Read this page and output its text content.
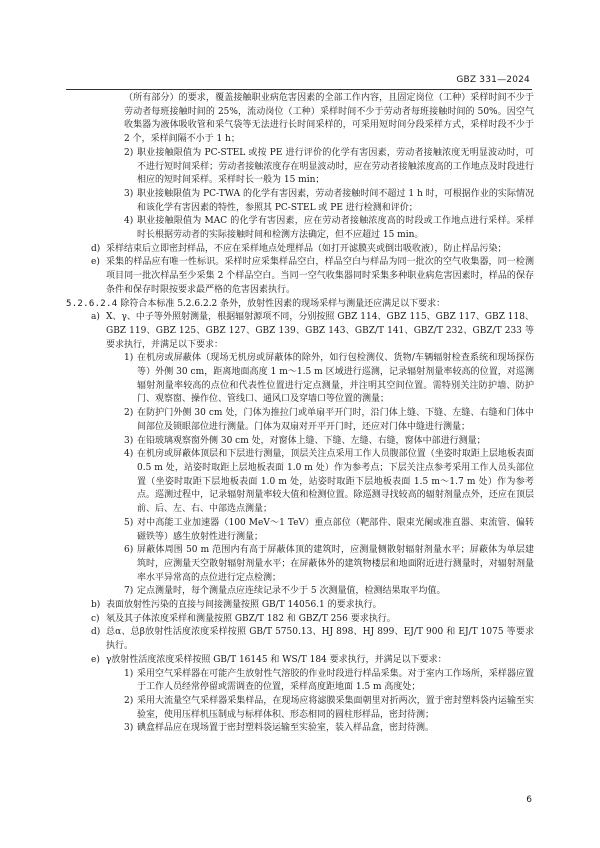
GBZ 331—2024

（所有部分）的要求，覆盖接触职业病危害因素的全部工作内容，且固定岗位（工种）采样时间不少于劳动者每班接触时间的 25%，流动岗位（工种）采样时间不少于劳动者每班接触时间的 50%。因空气收集器为液体吸收管和采气袋等无法进行长时间采样的，可采用短时间分段采样方式，采样时段不少于 2 个，采样间隔不小于 1 h；

2) 职业接触限值为 PC-STEL 或按 PE 进行评价的化学有害因素，劳动者接触浓度无明显波动时，可不进行短时间采样；劳动者接触浓度存在明显波动时，应在劳动者接触浓度高的工作地点及时段进行相应的短时间采样。采样时长一般为 15 min；
3) 职业接触限值为 PC-TWA 的化学有害因素，劳动者接触时间不超过 1 h 时，可根据作业的实际情况和该化学有害因素的特性，参照其 PC-STEL 或 PE 进行检测和评价；
4) 职业接触限值为 MAC 的化学有害因素，应在劳动者接触浓度高的时段或工作地点进行采样。采样时长根据劳动者的实际接触时间和检测方法确定，但不应超过 15 min。
d) 采样结束后立即密封样品，不应在采样地点处理样品（如打开滤膜夹或倒出吸收液），防止样品污染；
e) 采集的样品应有唯一性标识。采样时应采集样品空白，样品空白与样品为同一批次的空气收集器，同一检测项目同一批次样品至少采集 2 个样品空白。当同一空气收集器同时采集多种职业病危害因素时，样品的保存条件和保存时限按要求最严格的危害因素执行。
5.2.6.2.4 除符合本标准 5.2.6.2.2 条外，放射性因素的现场采样与测量还应满足以下要求：
a) X、γ、中子等外照射测量，根据辐射源项不同，分别按照 GBZ 114、GBZ 115、GBZ 117、GBZ 118、GBZ 119、GBZ 125、GBZ 127、GBZ 139、GBZ 143、GBZ/T 141、GBZ/T 232、GBZ/T 233 等要求执行，并满足以下要求：
1) 在机房或屏蔽体（现场无机房或屏蔽体的除外，如行包检测仪、货物/车辆辐射检查系统和现场探伤等）外侧 30 cm，距离地面高度 1 m～1.5 m 区域进行巡测，记录辐射剂量率较高的位置，对巡测辐射剂量率较高的点位和代表性位置进行定点测量，并注明其空间位置。需特别关注防护墙、防护门、观察窗、操作位、管线口、通风口及穿墙口等位置的测量；
2) 在防护门外侧 30 cm 处，门体为推拉门或单扇平开门时，沿门体上缝、下缝、左缝、右缝和门体中间部位及锁眼部位进行测量。门体为双扇对开平开门时，还应对门体中缝进行测量；
3) 在铅玻璃观察窗外侧 30 cm 处，对窗体上缝、下缝、左缝、右缝，窗体中部进行测量；
4) 在机房或屏蔽体顶层和下层进行测量，顶层关注点采用工作人员腹部位置（坐姿时取距上层地板表面 0.5 m 处，站姿时取距上层地板表面 1.0 m 处）作为参考点；下层关注点参考采用工作人员头部位置（坐姿时取距下层地板表面 1.0 m 处，站姿时取距下层地板表面 1.5 m～1.7 m 处）作为参考点。巡测过程中，记录辐射剂量率较大值和检测位置。除巡测寻找较高的辐射剂量点外，还应在顶层前、后、左、右、中部选点测量；
5) 对中高能工业加速器（100 MeV～1 TeV）重点部位（靶部件、限束光阑或准直器、束流管、偏转磁铁等）感生放射性进行测量；
6) 屏蔽体周围 50 m 范围内有高于屏蔽体顶的建筑时，应测量侧散射辐射剂量水平；屏蔽体为单层建筑时，应测量天空散射辐射剂量水平；在屏蔽体外的建筑物楼层和地面附近进行测量时，对辐射剂量率水平异常高的点位进行定点检测；
7) 定点测量时，每个测量点应连续记录不少于 5 次测量值，检测结果取平均值。
b) 表面放射性污染的直接与间接测量按照 GB/T 14056.1 的要求执行。
c) 氡及其子体浓度采样和测量按照 GBZ/T 182 和 GBZ/T 256 要求执行。
d) 总α、总β放射性活度浓度采样按照 GB/T 5750.13、HJ 898、HJ 899、EJ/T 900 和 EJ/T 1075 等要求执行。
e) γ放射性活度浓度采样按照 GB/T 16145 和 WS/T 184 要求执行，并满足以下要求：
1) 采用空气采样器在可能产生放射性气溶胶的作业时段进行样品采集。对于室内工作场所，采样器应置于工作人员经常停留或需调查的位置，采样高度距地面 1.5 m 高度处；
2) 采用大流量空气采样器采集样品，在现场应将滤膜采集面朝里对折两次，置于密封塑料袋内运输至实验室，使用压样机压制成与标样体积、形态相同的圆柱形样品，密封待测；
3) 碘盒样品应在现场置于密封塑料袋运输至实验室，装入样品盒，密封待测。
6
